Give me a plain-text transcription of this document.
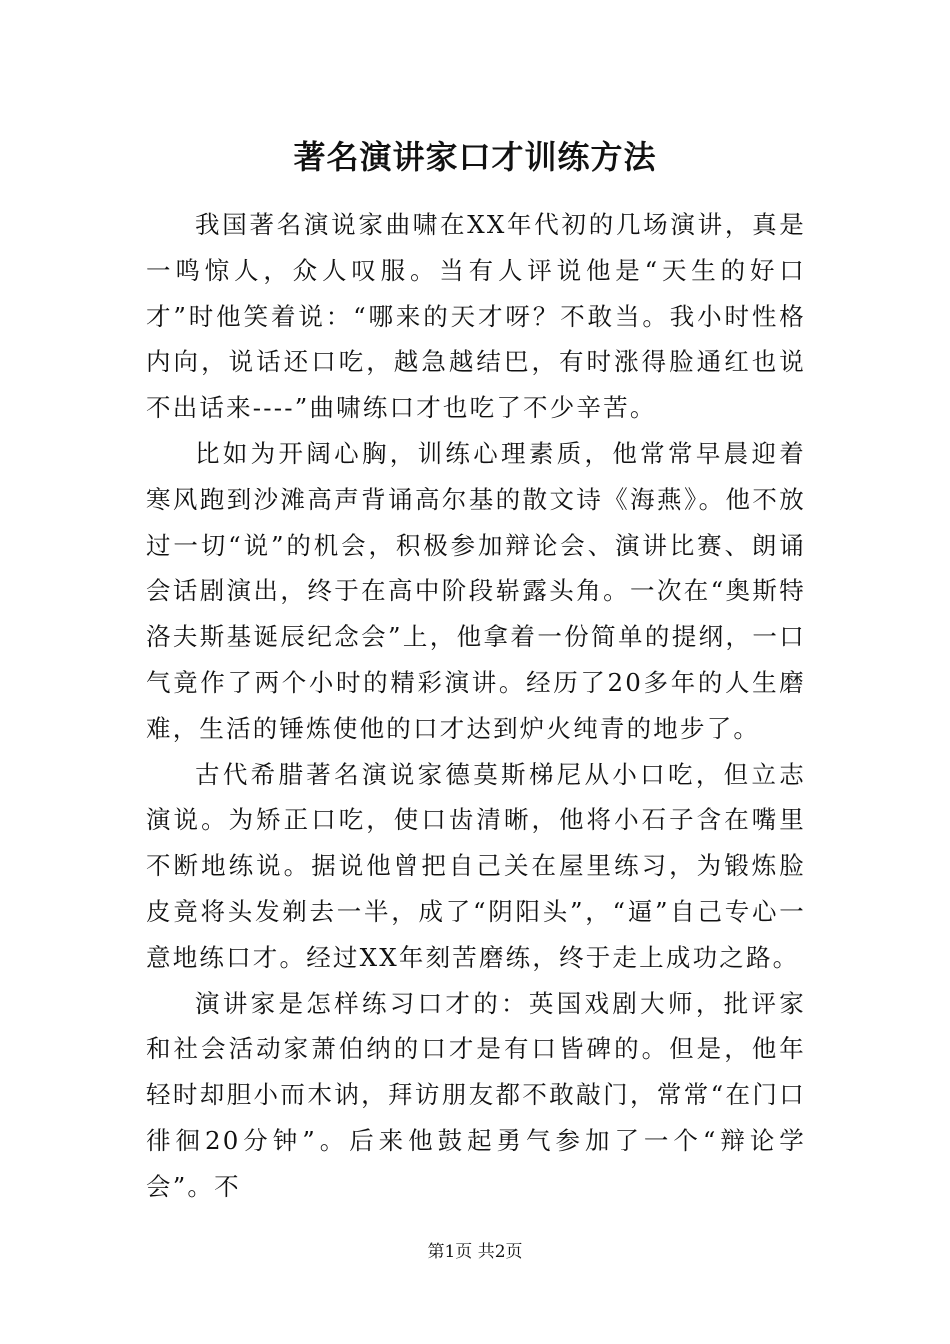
著名演讲家口才训练方法

我国著名演说家曲啸在XX年代初的几场演讲，真是一鸣惊人，众人叹服。当有人评说他是“天生的好口才”时他笑着说：“哪来的天才呀？不敢当。我小时性格内向，说话还口吃，越急越结巴，有时涨得脸通红也说不出话来----”曲啸练口才也吃了不少辛苦。

比如为开阔心胸，训练心理素质，他常常早晨迎着寒风跑到沙滩高声背诵高尔基的散文诗《海燕》。他不放过一切“说”的机会，积极参加辩论会、演讲比赛、朗诵会话剧演出，终于在高中阶段崭露头角。一次在“奥斯特洛夫斯基诞辰纪念会”上，他拿着一份简单的提纲，一口气竟作了两个小时的精彩演讲。经历了20多年的人生磨难，生活的锤炼使他的口才达到炉火纯青的地步了。

古代希腊著名演说家德莫斯梯尼从小口吃，但立志演说。为矫正口吃，使口齿清晰，他将小石子含在嘴里不断地练说。据说他曾把自己关在屋里练习，为锻炼脸皮竟将头发剃去一半，成了“阴阳头”，“逼”自己专心一意地练口才。经过XX年刻苦磨练，终于走上成功之路。

演讲家是怎样练习口才的：英国戏剧大师，批评家和社会活动家萧伯纳的口才是有口皆碑的。但是，他年轻时却胆小而木讷，拜访朋友都不敢敲门，常常“在门口徘徊20分钟”。后来他鼓起勇气参加了一个“辩论学会”。不

第1页 共2页
